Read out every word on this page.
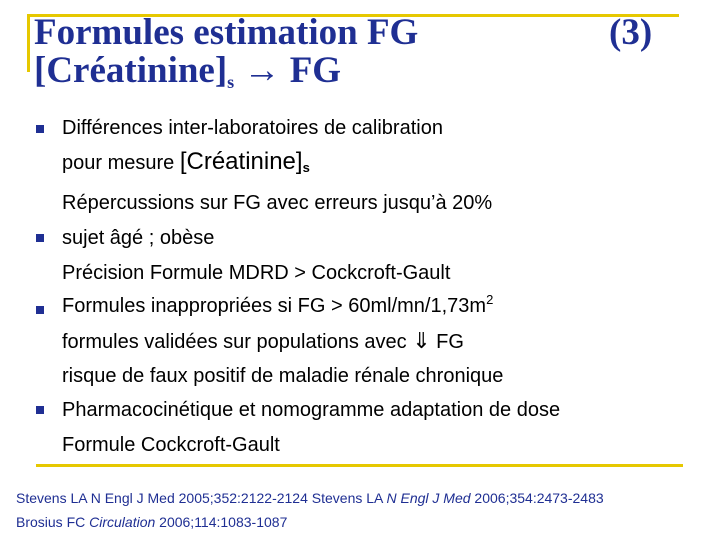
Formules estimation FG
$[Créatinine]_s$ → FG
(3)
Différences inter-laboratoires de calibration
pour mesure $[Créatinine]_s$
Répercussions sur FG avec erreurs jusqu’à 20%
sujet âgé ; obèse
Précision Formule MDRD > Cockcroft-Gault
Formules inappropriées si FG > $60ml/mn/1,73m^2$
formules validées sur populations avec ⇓ FG
risque de faux positif de maladie rénale chronique
Pharmacocinétique et nomogramme adaptation de dose
Formule Cockcroft-Gault
Stevens LA N Engl J Med 2005;352:2122-2124 Stevens LA N Engl J Med 2006;354:2473-2483
Brosius FC Circulation 2006;114:1083-1087
